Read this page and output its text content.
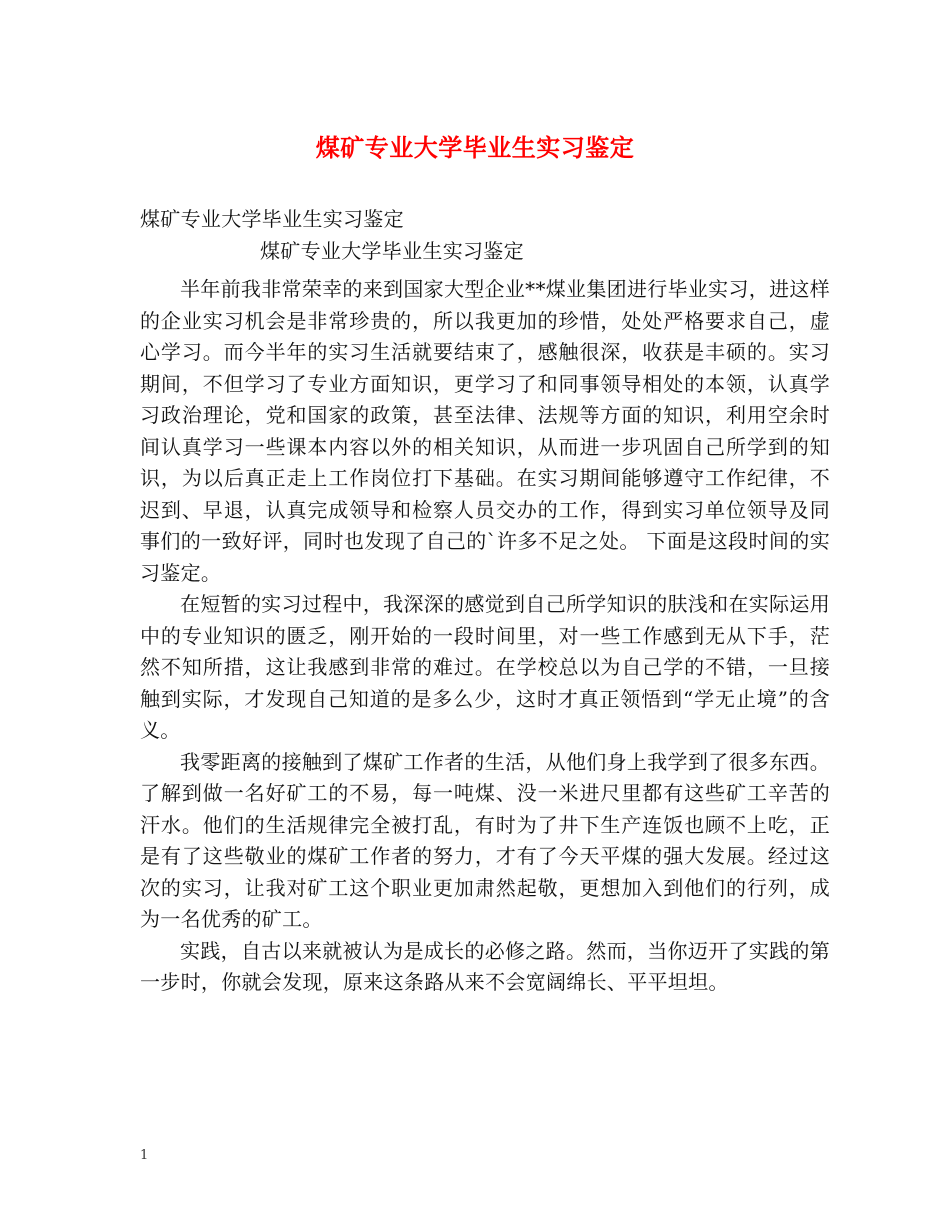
煤矿专业大学毕业生实习鉴定
煤矿专业大学毕业生实习鉴定
煤矿专业大学毕业生实习鉴定

半年前我非常荣幸的来到国家大型企业**煤业集团进行毕业实习，进这样的企业实习机会是非常珍贵的，所以我更加的珍惜，处处严格要求自己，虚心学习。而今半年的实习生活就要结束了，感触很深，收获是丰硕的。实习期间，不但学习了专业方面知识，更学习了和同事领导相处的本领，认真学习政治理论，党和国家的政策，甚至法律、法规等方面的知识，利用空余时间认真学习一些课本内容以外的相关知识，从而进一步巩固自己所学到的知识，为以后真正走上工作岗位打下基础。在实习期间能够遵守工作纪律，不迟到、早退，认真完成领导和检察人员交办的工作，得到实习单位领导及同事们的一致好评，同时也发现了自己的`许多不足之处。 下面是这段时间的实习鉴定。

在短暂的实习过程中，我深深的感觉到自己所学知识的肤浅和在实际运用中的专业知识的匮乏，刚开始的一段时间里，对一些工作感到无从下手，茫然不知所措，这让我感到非常的难过。在学校总以为自己学的不错，一旦接触到实际，才发现自己知道的是多么少，这时才真正领悟到“学无止境”的含义。

我零距离的接触到了煤矿工作者的生活，从他们身上我学到了很多东西。了解到做一名好矿工的不易，每一吨煤、没一米进尺里都有这些矿工辛苦的汗水。他们的生活规律完全被打乱，有时为了井下生产连饭也顾不上吃，正是有了这些敬业的煤矿工作者的努力，才有了今天平煤的强大发展。经过这次的实习，让我对矿工这个职业更加肃然起敬，更想加入到他们的行列，成为一名优秀的矿工。

实践，自古以来就被认为是成长的必修之路。然而，当你迈开了实践的第一步时，你就会发现，原来这条路从来不会宽阔绵长、平平坦坦。

1
